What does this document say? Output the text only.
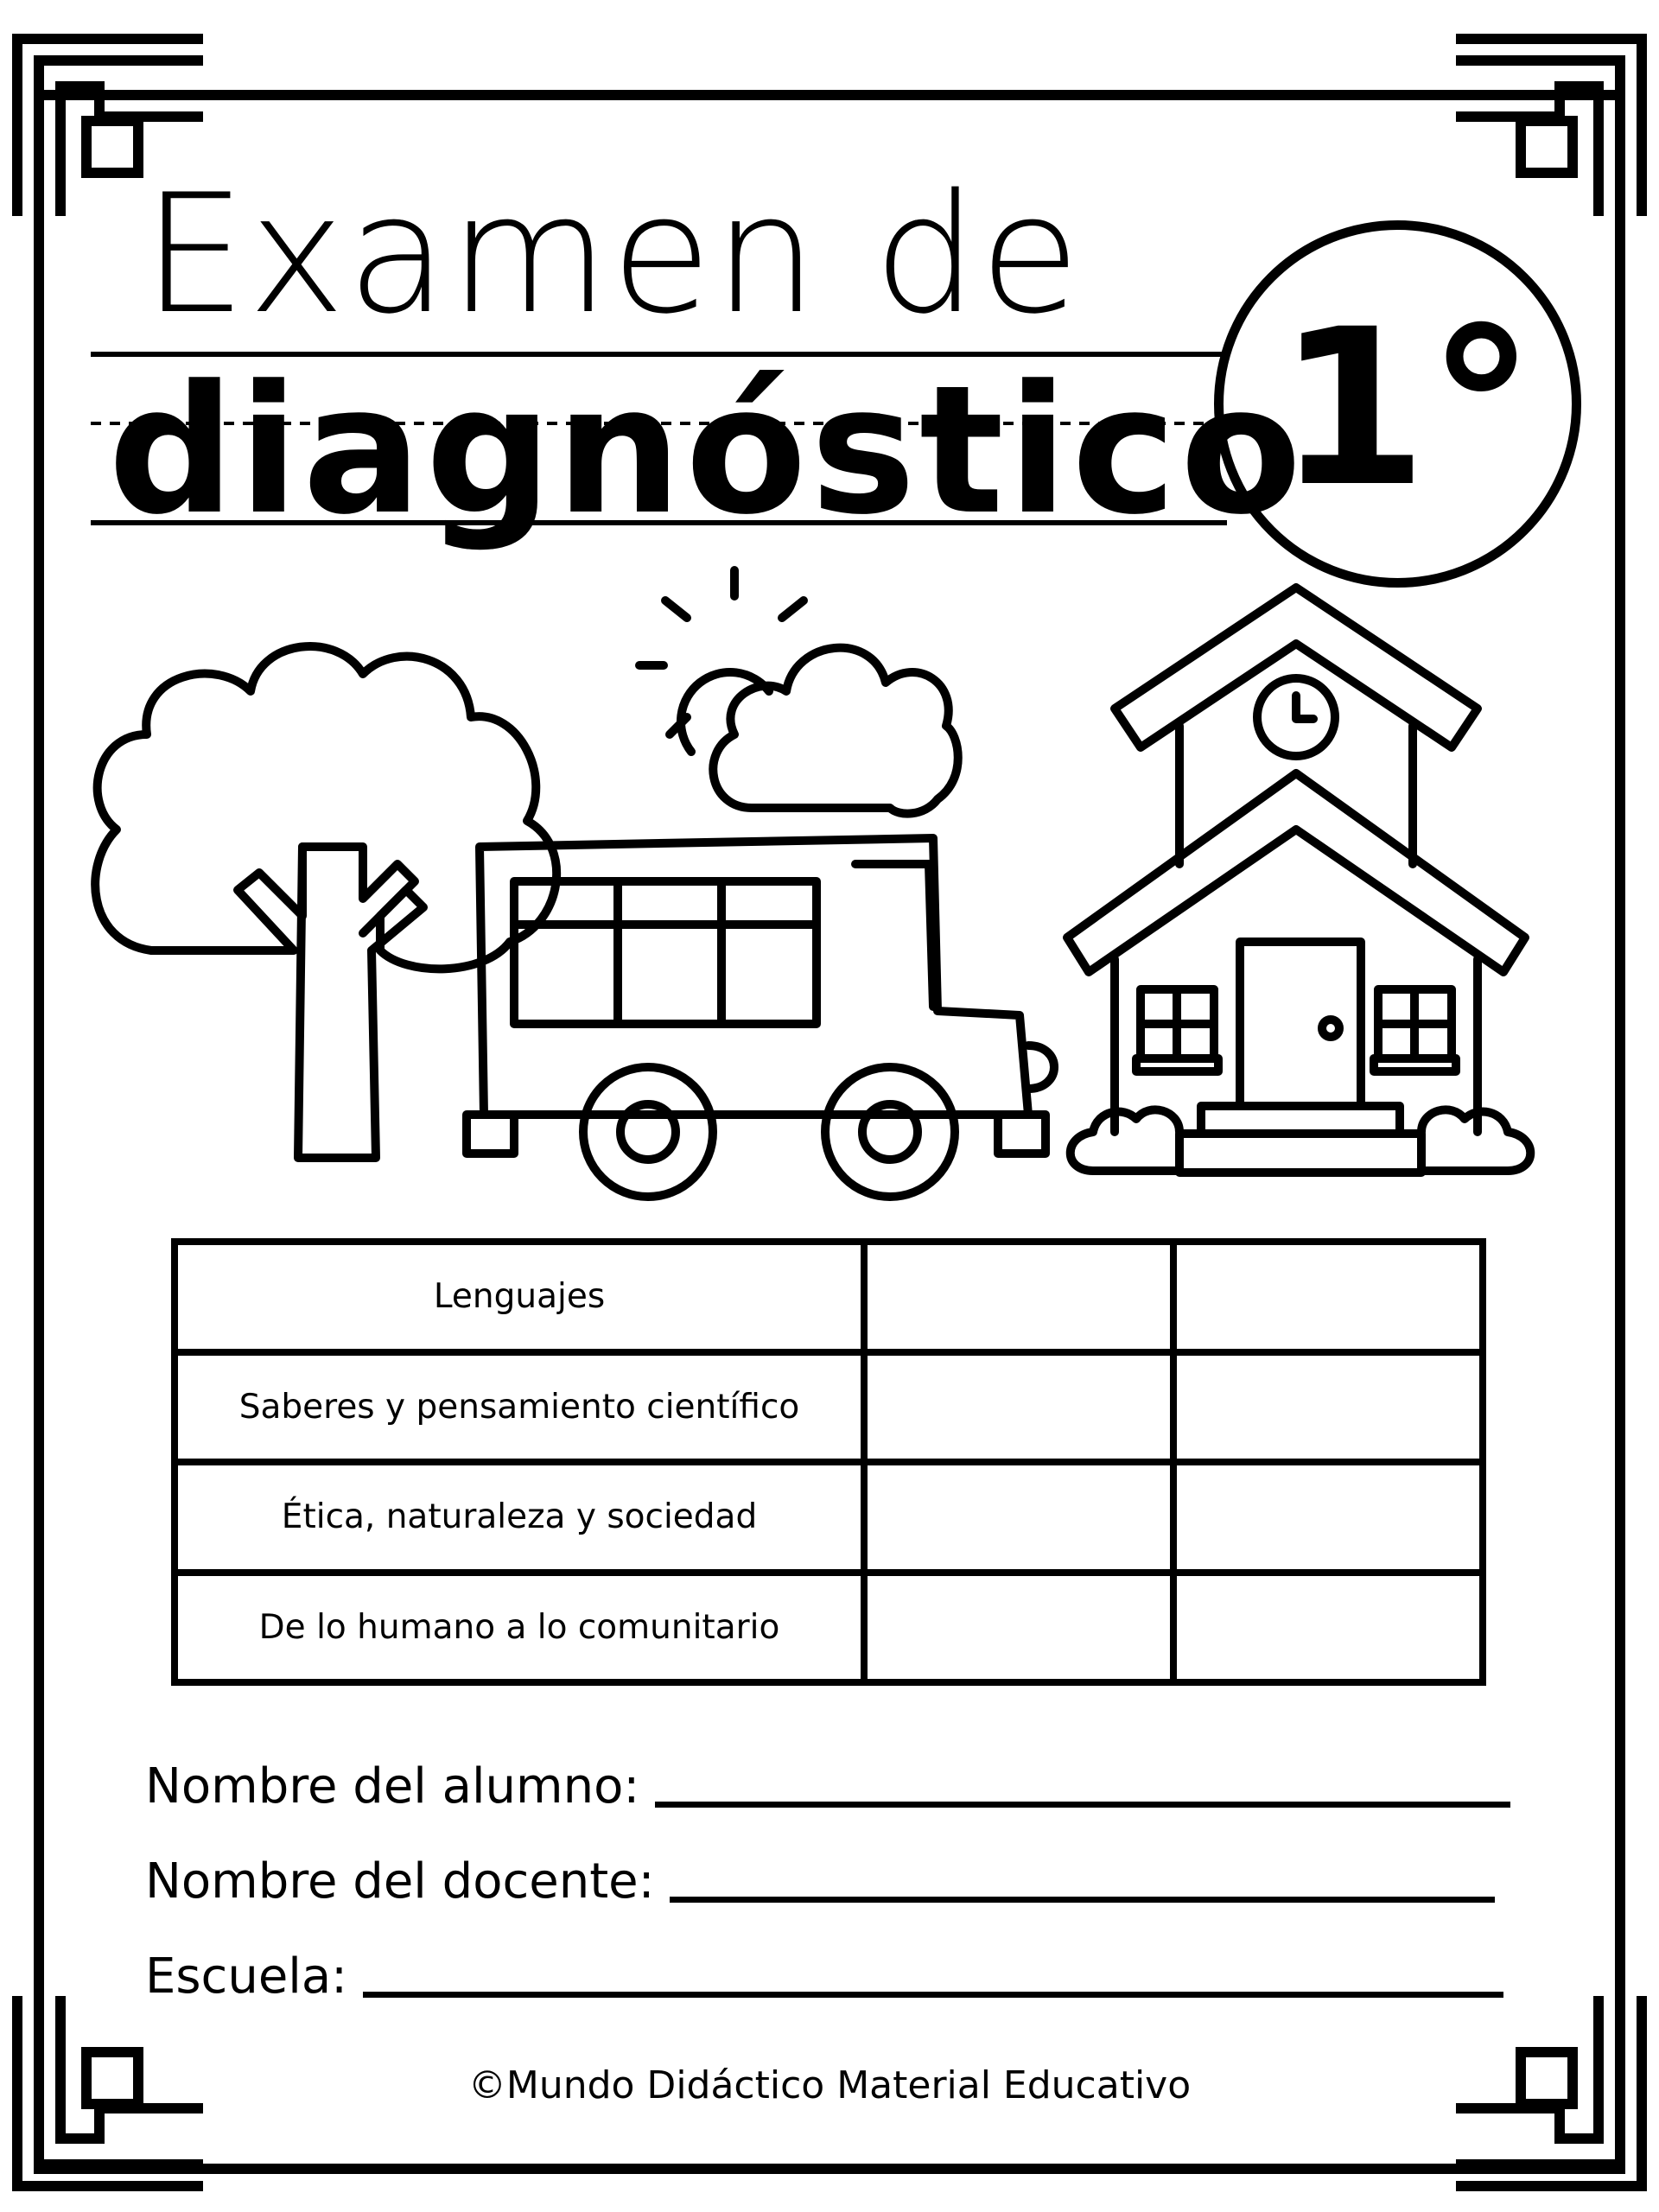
Examen de
diagnóstico
1°
Lenguajes		
Saberes y pensamiento científico		
Ética, naturaleza y sociedad		
De lo humano a lo comunitario		
Nombre del alumno:
Nombre del docente:
Escuela:
©Mundo Didáctico Material Educativo
